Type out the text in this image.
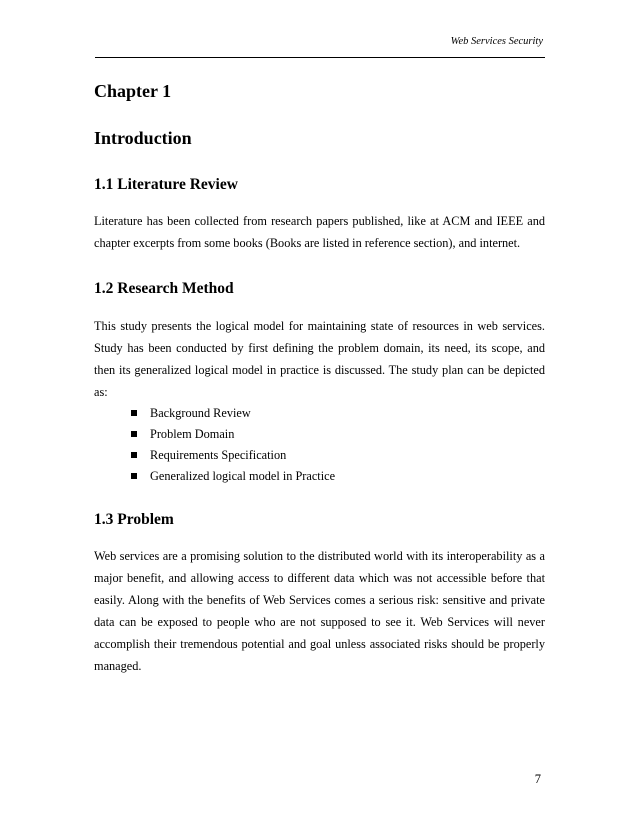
Web Services Security
Chapter 1
Introduction
1.1 Literature Review

Literature has been collected from research papers published, like at ACM and IEEE and chapter excerpts from some books (Books are listed in reference section), and internet.

1.2 Research Method

This study presents the logical model for maintaining state of resources in web services. Study has been conducted by first defining the problem domain, its need, its scope, and then its generalized logical model in practice is discussed. The study plan can be depicted as:

Background Review
Problem Domain
Requirements Specification
Generalized logical model in Practice
1.3 Problem

Web services are a promising solution to the distributed world with its interoperability as a major benefit, and allowing access to different data which was not accessible before that easily. Along with the benefits of Web Services comes a serious risk: sensitive and private data can be exposed to people who are not supposed to see it. Web Services will never accomplish their tremendous potential and goal unless associated risks should be properly managed.

7
